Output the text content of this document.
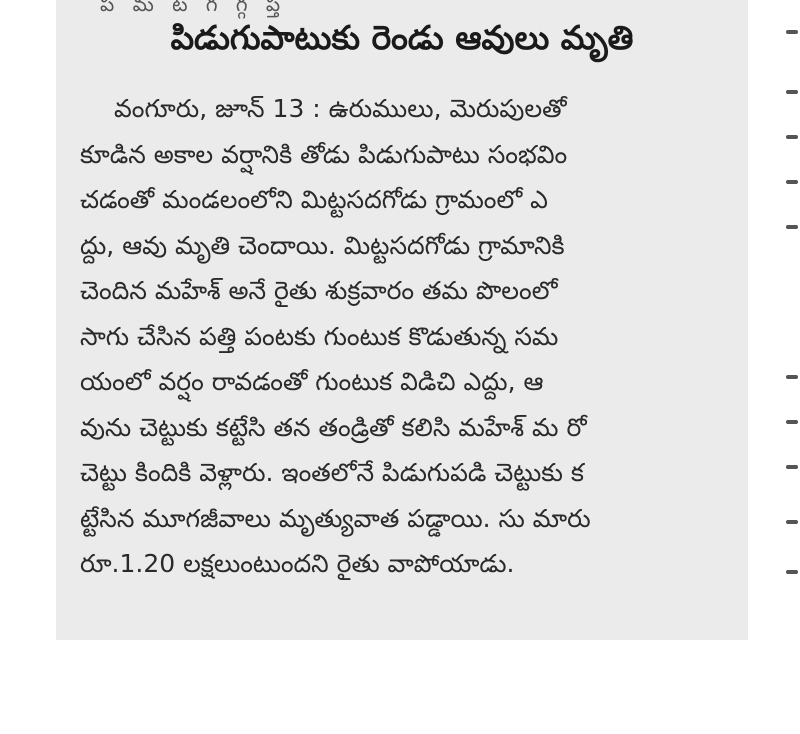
పిడుగుపాటుకు రెండు ఆవులు మృతి
వంగూరు, జూన్ 13 : ఉరుములు, మెరుపులతో
కూడిన అకాల వర్షానికి తోడు పిడుగుపాటు సంభవిం
చడంతో మండలంలోని మిట్టసదగోడు గ్రామంలో ఎ
ద్దు, ఆవు మృతి చెందాయి. మిట్టసదగోడు గ్రామానికి
చెందిన మహేశ్ అనే రైతు శుక్రవారం తమ పొలంలో
సాగు చేసిన పత్తి పంటకు గుంటుక కొడుతున్న సమ
యంలో వర్షం రావడంతో గుంటుక విడిచి ఎద్దు, ఆ
వును చెట్టుకు కట్టేసి తన తండ్రితో కలిసి మహేశ్ మ రో
చెట్టు కిందికి వెళ్లారు. ఇంతలోనే పిడుగుపడి చెట్టుకు క
ట్టేసిన మూగజీవాలు మృత్యువాత పడ్డాయి. సు మారు
రూ.1.20 లక్షలుంటుందని రైతు వాపోయాడు.
